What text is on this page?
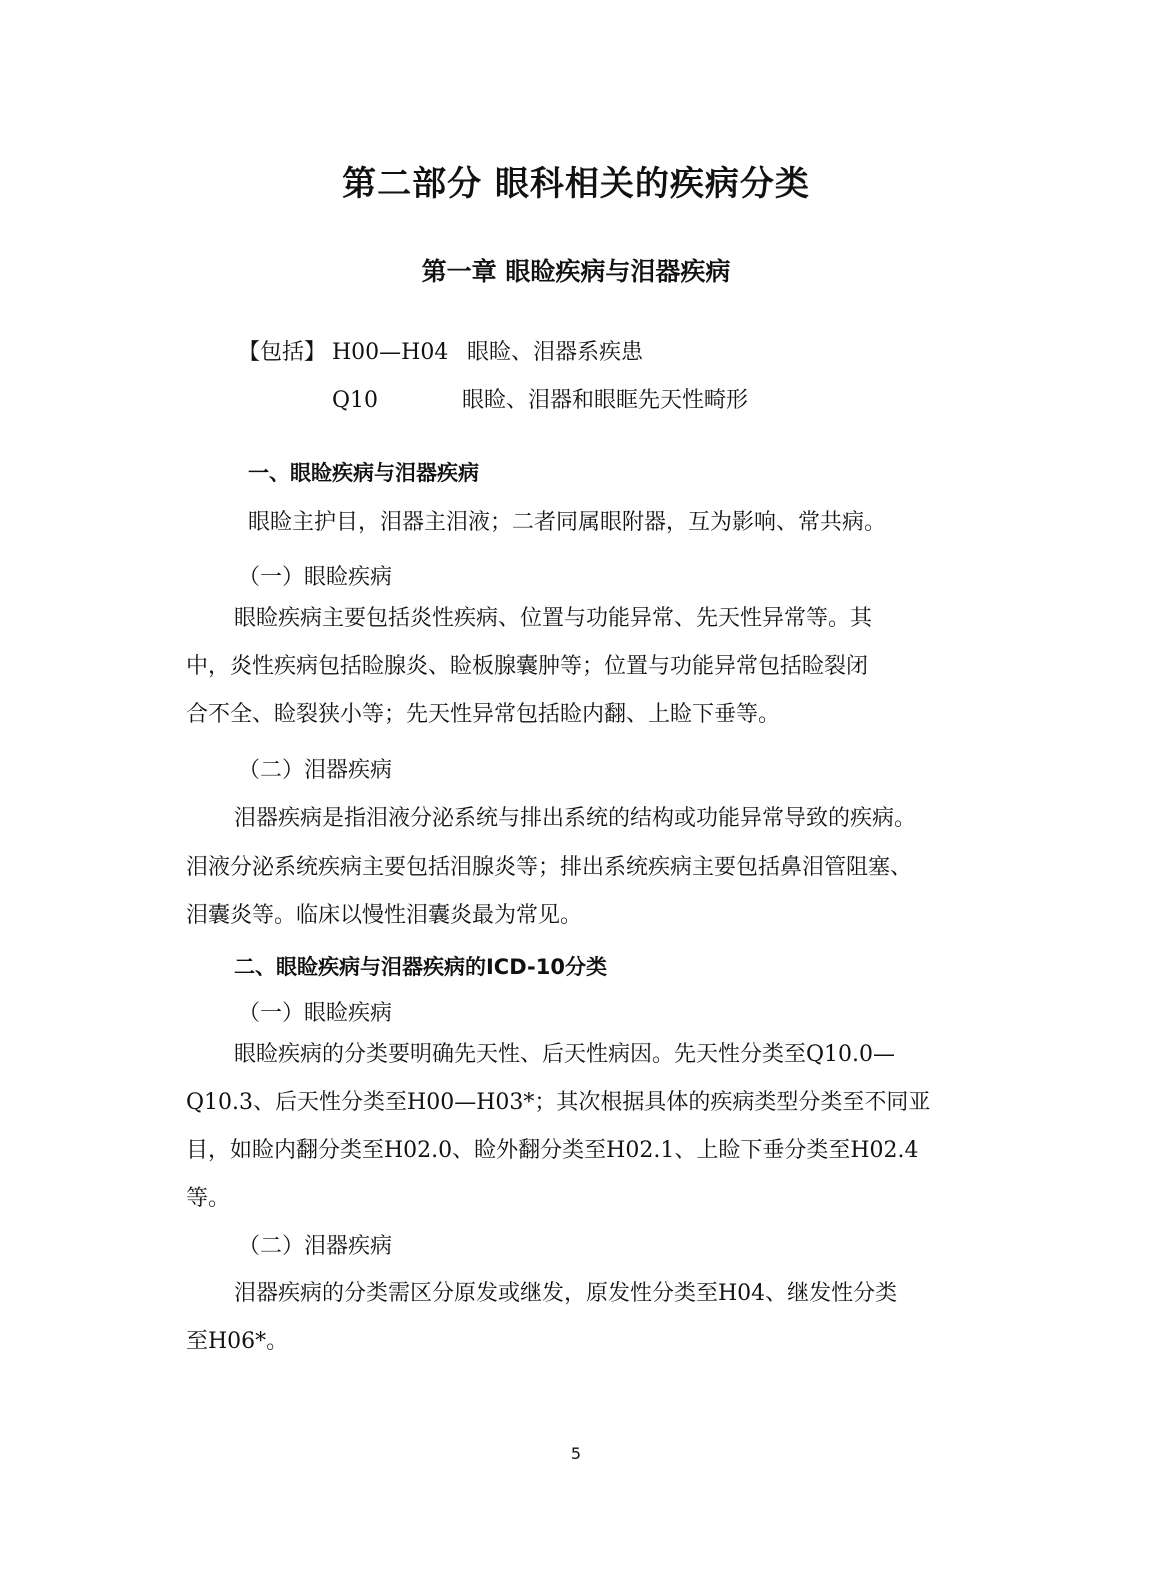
第二部分 眼科相关的疾病分类
第一章 眼睑疾病与泪器疾病
【包括】 H00—H04 眼睑、泪器系疾患
Q10	眼睑、泪器和眼眶先天性畸形

一、眼睑疾病与泪器疾病

眼睑主护目，泪器主泪液；二者同属眼附器，互为影响、常共病。

（一）眼睑疾病

眼睑疾病主要包括炎性疾病、位置与功能异常、先天性异常等。其

中，炎性疾病包括睑腺炎、睑板腺囊肿等；位置与功能异常包括睑裂闭

合不全、睑裂狭小等；先天性异常包括睑内翻、上睑下垂等。

（二）泪器疾病

泪器疾病是指泪液分泌系统与排出系统的结构或功能异常导致的疾病。

泪液分泌系统疾病主要包括泪腺炎等；排出系统疾病主要包括鼻泪管阻塞、

泪囊炎等。临床以慢性泪囊炎最为常见。

二、眼睑疾病与泪器疾病的ICD-10分类

（一）眼睑疾病

眼睑疾病的分类要明确先天性、后天性病因。先天性分类至Q10.0—

Q10.3、后天性分类至H00—H03*；其次根据具体的疾病类型分类至不同亚

目，如睑内翻分类至H02.0、睑外翻分类至H02.1、上睑下垂分类至H02.4

等。

（二）泪器疾病

泪器疾病的分类需区分原发或继发，原发性分类至H04、继发性分类

至H06*。

5
